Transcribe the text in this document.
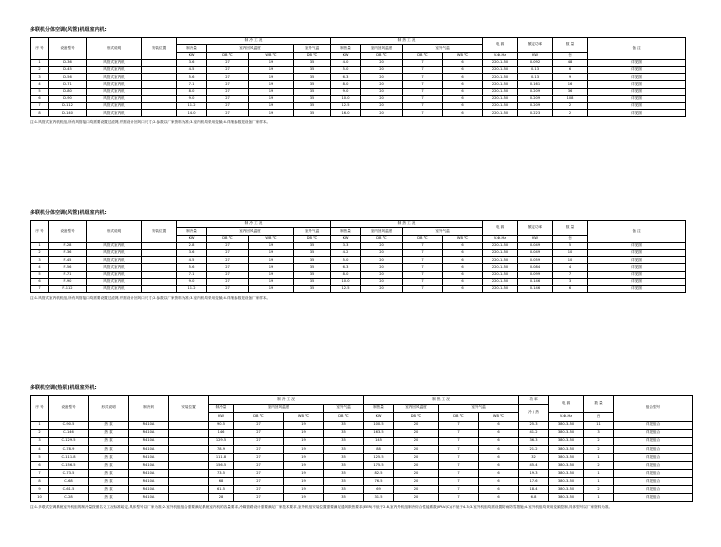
多联机分体空调(风管)机组室内机:
序 号	设备型号	形式说明	安装位置	制 冷 工 况				制 热 工 况				电 源	额定功率	数 量	备 注
				制冷量	室内回风温度		室外气温	制热量	室内回风温度	室外气温					
				KW	DB ℃	WB ℃	DB ℃	KW	DB ℃	DB ℃	WB ℃	V-Φ-Hz	KW	台	
1	D-36	风管式室内机		3.6	27	19	35	4.0	20	7	6	220-1-50	0.092	48	详见图
2	D-45	风管式室内机		4.5	27	19	35	5.0	20	7	6	220-1-50	0.13	6	详见图
3	D-56	风管式室内机		5.6	27	19	35	6.3	20	7	6	220-1-50	0.13	9	详见图
4	D-71	风管式室内机		7.1	27	19	35	8.0	20	7	6	220-1-50	0.161	16	详见图
5	D-80	风管式室内机		8.0	27	19	35	9.0	20	7	6	220-1-50	0.209	36	详见图
6	D-90	风管式室内机		9.0	27	19	35	10.0	20	7	6	220-1-50	0.209	108	详见图
7	D-112	风管式室内机		11.2	27	19	35	12.5	20	7	6	220-1-50	0.209	2	详见图
8	D-140	风管式室内机		14.0	27	19	35	16.0	20	7	6	220-1-50	0.223	2	详见图
注:1.风管式室内机机组,所有风管接口均需要设置过滤网,并需设计回风口尺寸;2.参数以厂家资料为准;3.室内机均采用变频;4.详细参数见设备厂家样本。
多联机分体空调(风管)机组室内机:
序 号	设备型号	形式说明	安装位置	制 冷 工 况				制 热 工 况				电 源	额定功率	数 量	备 注
				制冷量	室内回风温度		室外气温	制热量	室内回风温度	室外气温					
				KW	DB ℃	WB ℃	DB ℃	KW	DB ℃	DB ℃	WB ℃	V-Φ-Hz	KW	台	
1	F-28	风管式室内机		2.8	27	19	35	3.3	20	7	6	220-1-50	0.049	5	详见图
2	F-36	风管式室内机		3.6	27	19	35	4.2	20	7	6	220-1-50	0.049	10	详见图
3	F-45	风管式室内机		4.5	27	19	35	5.0	20	7	6	220-1-50	0.059	10	详见图
4	F-56	风管式室内机		5.6	27	19	35	6.3	20	7	6	220-1-50	0.084	4	详见图
5	F-71	风管式室内机		7.1	27	19	35	8.0	20	7	6	220-1-50	0.099	7	详见图
6	F-90	风管式室内机		9.0	27	19	35	10.0	20	7	6	220-1-50	0.146	3	详见图
7	F-112	风管式室内机		11.2	27	19	35	12.5	20	7	6	220-1-50	0.146	6	详见图
注:1.风管式室内机机组,所有风管接口均需要设置过滤网,并需设计回风口尺寸;2.参数以厂家资料为准;3.室内机均采用变频;4.详细参数见设备厂家样本。
多联机空调(热泵)机组室外机:
序 号	设备型号	形式说明	制冷剂	安装位置	制 冷 工 况				制 热 工 况				功 率	电 源	数 量	组合型号
					制冷量	室内回风温度		室外气温	制热量	室内回风温度	室外气温		冷 / 热			
					KW	DB ℃	WB ℃	DB ℃	KW	DB ℃	DB ℃	WB ℃		V-Φ-Hz	台	
1	C-90.5	热 泵	R410A		90.5	27	19	35	100.5	20	7	6	25.3	380-3-50	11	详见组合
2	C-146	热 泵	R410A		146	27	19	35	163.5	20	7	6	41.2	380-3-50	3	详见组合
3	C-129.5	热 泵	R410A		129.5	27	19	35	145	20	7	6	36.3	380-3-50	2	详见组合
4	C-78.9	热 泵	R410A		78.9	27	19	35	88	20	7	6	21.2	380-3-50	2	详见组合
5	C-111.8	热 泵	R410A		111.8	27	19	35	125.5	20	7	6	32	380-3-50	1	详见组合
6	C-156.5	热 泵	R410A		156.5	27	19	35	175.5	20	7	6	45.4	380-3-50	2	详见组合
7	C-73.5	热 泵	R410A		73.5	27	19	35	82.5	20	7	6	19.3	380-3-50	1	详见组合
8	C-68	热 泵	R410A		68	27	19	35	76.5	20	7	6	17.6	380-3-50	1	详见组合
9	C-61.5	热 泵	R410A		61.5	27	19	35	69	20	7	6	18.4	380-3-50	2	详见组合
10	C-28	热 泵	R410A		28	27	19	35	31.5	20	7	6	6.8	380-3-50	1	详见组合
注:1.多联式空调系统室外机组的制冷量按照名义工况标准给定,具体型号以厂家为准;2.室外机组组合需要满足系统室内机的容量要求,冷媒管路设计需要满足厂家技术要求,室外机组安装位置需要满足通风散热要求(EER)不低于2.8,室内外机组制冷综合性能系数(IPLV(C))不低于4.3;3.室外机组均需设置防雨防雪措施;4.室外机组均采用变频控制,具体型号以厂家资料为准。
